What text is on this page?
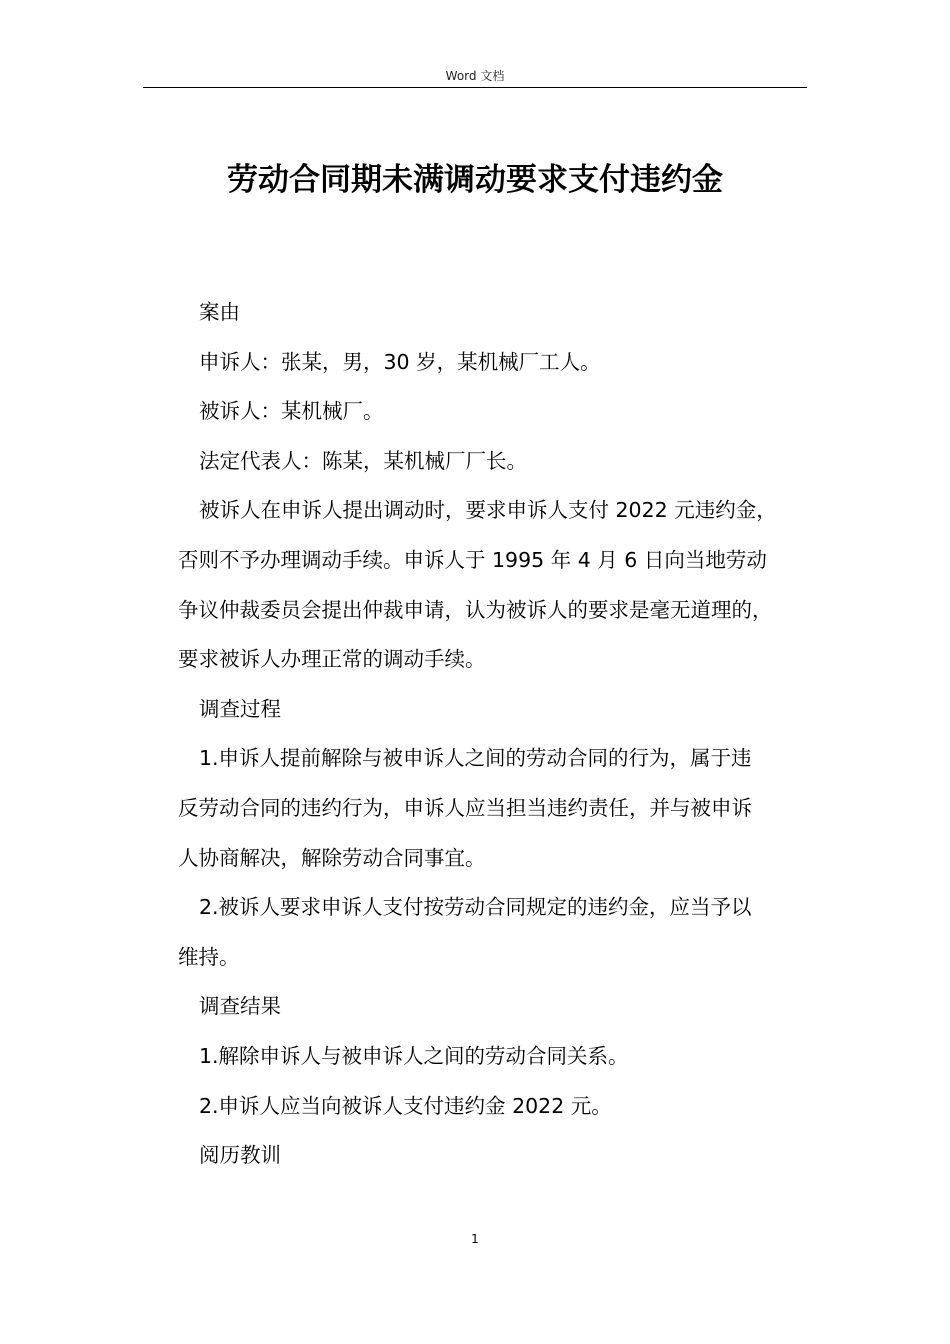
Word 文档
劳动合同期未满调动要求支付违约金

案由

申诉人：张某，男，30 岁，某机械厂工人。

被诉人：某机械厂。

法定代表人：陈某，某机械厂厂长。

被诉人在申诉人提出调动时，要求申诉人支付 2022 元违约金，
否则不予办理调动手续。申诉人于 1995 年 4 月 6 日向当地劳动
争议仲裁委员会提出仲裁申请，认为被诉人的要求是毫无道理的，
要求被诉人办理正常的调动手续。

调查过程

1.申诉人提前解除与被申诉人之间的劳动合同的行为，属于违
反劳动合同的违约行为，申诉人应当担当违约责任，并与被申诉
人协商解决，解除劳动合同事宜。
2.被诉人要求申诉人支付按劳动合同规定的违约金，应当予以
维持。

调查结果

1.解除申诉人与被申诉人之间的劳动合同关系。

2.申诉人应当向被诉人支付违约金 2022 元。

阅历教训

1
